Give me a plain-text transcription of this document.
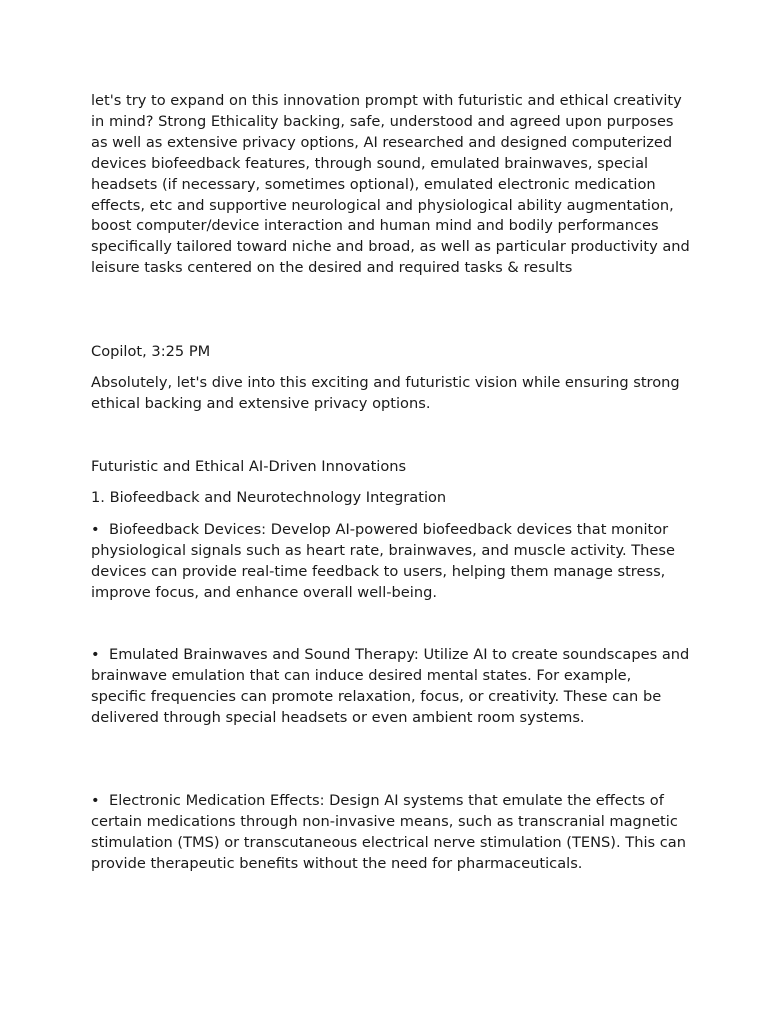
let's try to expand on this innovation prompt with futuristic and ethical creativity in mind? Strong Ethicality backing, safe, understood and agreed upon purposes as well as extensive privacy options, AI researched and designed computerized devices biofeedback features, through sound, emulated brainwaves, special headsets (if necessary, sometimes optional), emulated electronic medication effects, etc and supportive neurological and physiological ability augmentation, boost computer/device interaction and human mind and bodily performances specifically tailored toward niche and broad, as well as particular productivity and leisure tasks centered on the desired and required tasks & results

Copilot, 3:25 PM

Absolutely, let's dive into this exciting and futuristic vision while ensuring strong ethical backing and extensive privacy options.

Futuristic and Ethical AI-Driven Innovations

1. Biofeedback and Neurotechnology Integration

• Biofeedback Devices: Develop AI-powered biofeedback devices that monitor physiological signals such as heart rate, brainwaves, and muscle activity. These devices can provide real-time feedback to users, helping them manage stress, improve focus, and enhance overall well-being.

• Emulated Brainwaves and Sound Therapy: Utilize AI to create soundscapes and brainwave emulation that can induce desired mental states. For example, specific frequencies can promote relaxation, focus, or creativity. These can be delivered through special headsets or even ambient room systems.

• Electronic Medication Effects: Design AI systems that emulate the effects of certain medications through non-invasive means, such as transcranial magnetic stimulation (TMS) or transcutaneous electrical nerve stimulation (TENS). This can provide therapeutic benefits without the need for pharmaceuticals.
